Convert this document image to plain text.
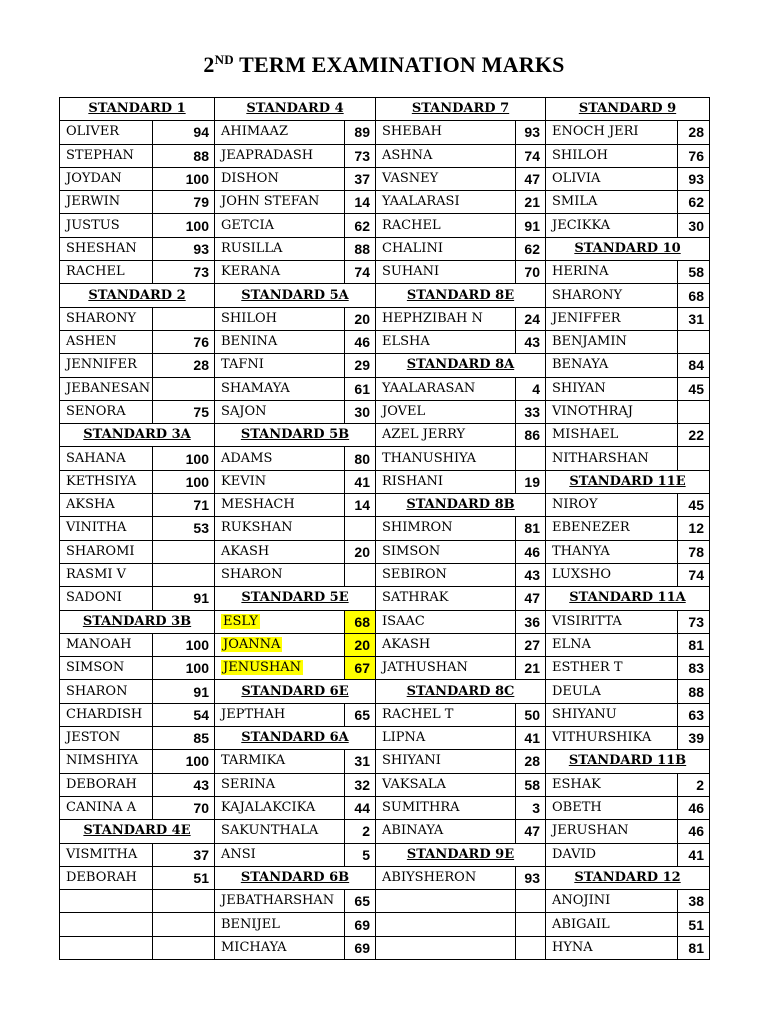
2ND TERM EXAMINATION MARKS
STANDARD 1		STANDARD 4		STANDARD 7		STANDARD 9	
OLIVER	94	AHIMAAZ	89	SHEBAH	93	ENOCH JERI	28
STEPHAN	88	JEAPRADASH	73	ASHNA	74	SHILOH	76
JOYDAN	100	DISHON	37	VASNEY	47	OLIVIA	93
JERWIN	79	JOHN STEFAN	14	YAALARASI	21	SMILA	62
JUSTUS	100	GETCIA	62	RACHEL	91	JECIKKA	30
SHESHAN	93	RUSILLA	88	CHALINI	62	STANDARD 10	
RACHEL	73	KERANA	74	SUHANI	70	HERINA	58
STANDARD 2		STANDARD 5A		STANDARD 8E		SHARONY	68
SHARONY		SHILOH	20	HEPHZIBAH N	24	JENIFFER	31
ASHEN	76	BENINA	46	ELSHA	43	BENJAMIN	
JENNIFER	28	TAFNI	29	STANDARD 8A		BENAYA	84
JEBANESAN		SHAMAYA	61	YAALARASAN	4	SHIYAN	45
SENORA	75	SAJON	30	JOVEL	33	VINOTHRAJ	
STANDARD 3A		STANDARD 5B		AZEL JERRY	86	MISHAEL	22
SAHANA	100	ADAMS	80	THANUSHIYA		NITHARSHAN	
KETHSIYA	100	KEVIN	41	RISHANI	19	STANDARD 11E	
AKSHA	71	MESHACH	14	STANDARD 8B		NIROY	45
VINITHA	53	RUKSHAN		SHIMRON	81	EBENEZER	12
SHAROMI		AKASH	20	SIMSON	46	THANYA	78
RASMI V		SHARON		SEBIRON	43	LUXSHO	74
SADONI	91	STANDARD 5E		SATHRAK	47	STANDARD 11A	
STANDARD 3B		ESLY	68	ISAAC	36	VISIRITTA	73
MANOAH	100	JOANNA	20	AKASH	27	ELNA	81
SIMSON	100	JENUSHAN	67	JATHUSHAN	21	ESTHER T	83
SHARON	91	STANDARD 6E		STANDARD 8C		DEULA	88
CHARDISH	54	JEPTHAH	65	RACHEL T	50	SHIYANU	63
JESTON	85	STANDARD 6A		LIPNA	41	VITHURSHIKA	39
NIMSHIYA	100	TARMIKA	31	SHIYANI	28	STANDARD 11B	
DEBORAH	43	SERINA	32	VAKSALA	58	ESHAK	2
CANINA A	70	KAJALAKCIKA	44	SUMITHRA	3	OBETH	46
STANDARD 4E		SAKUNTHALA	2	ABINAYA	47	JERUSHAN	46
VISMITHA	37	ANSI	5	STANDARD 9E		DAVID	41
DEBORAH	51	STANDARD 6B		ABIYSHERON	93	STANDARD 12	
		JEBATHARSHAN	65			ANOJINI	38
		BENIJEL	69			ABIGAIL	51
		MICHAYA	69			HYNA	81
